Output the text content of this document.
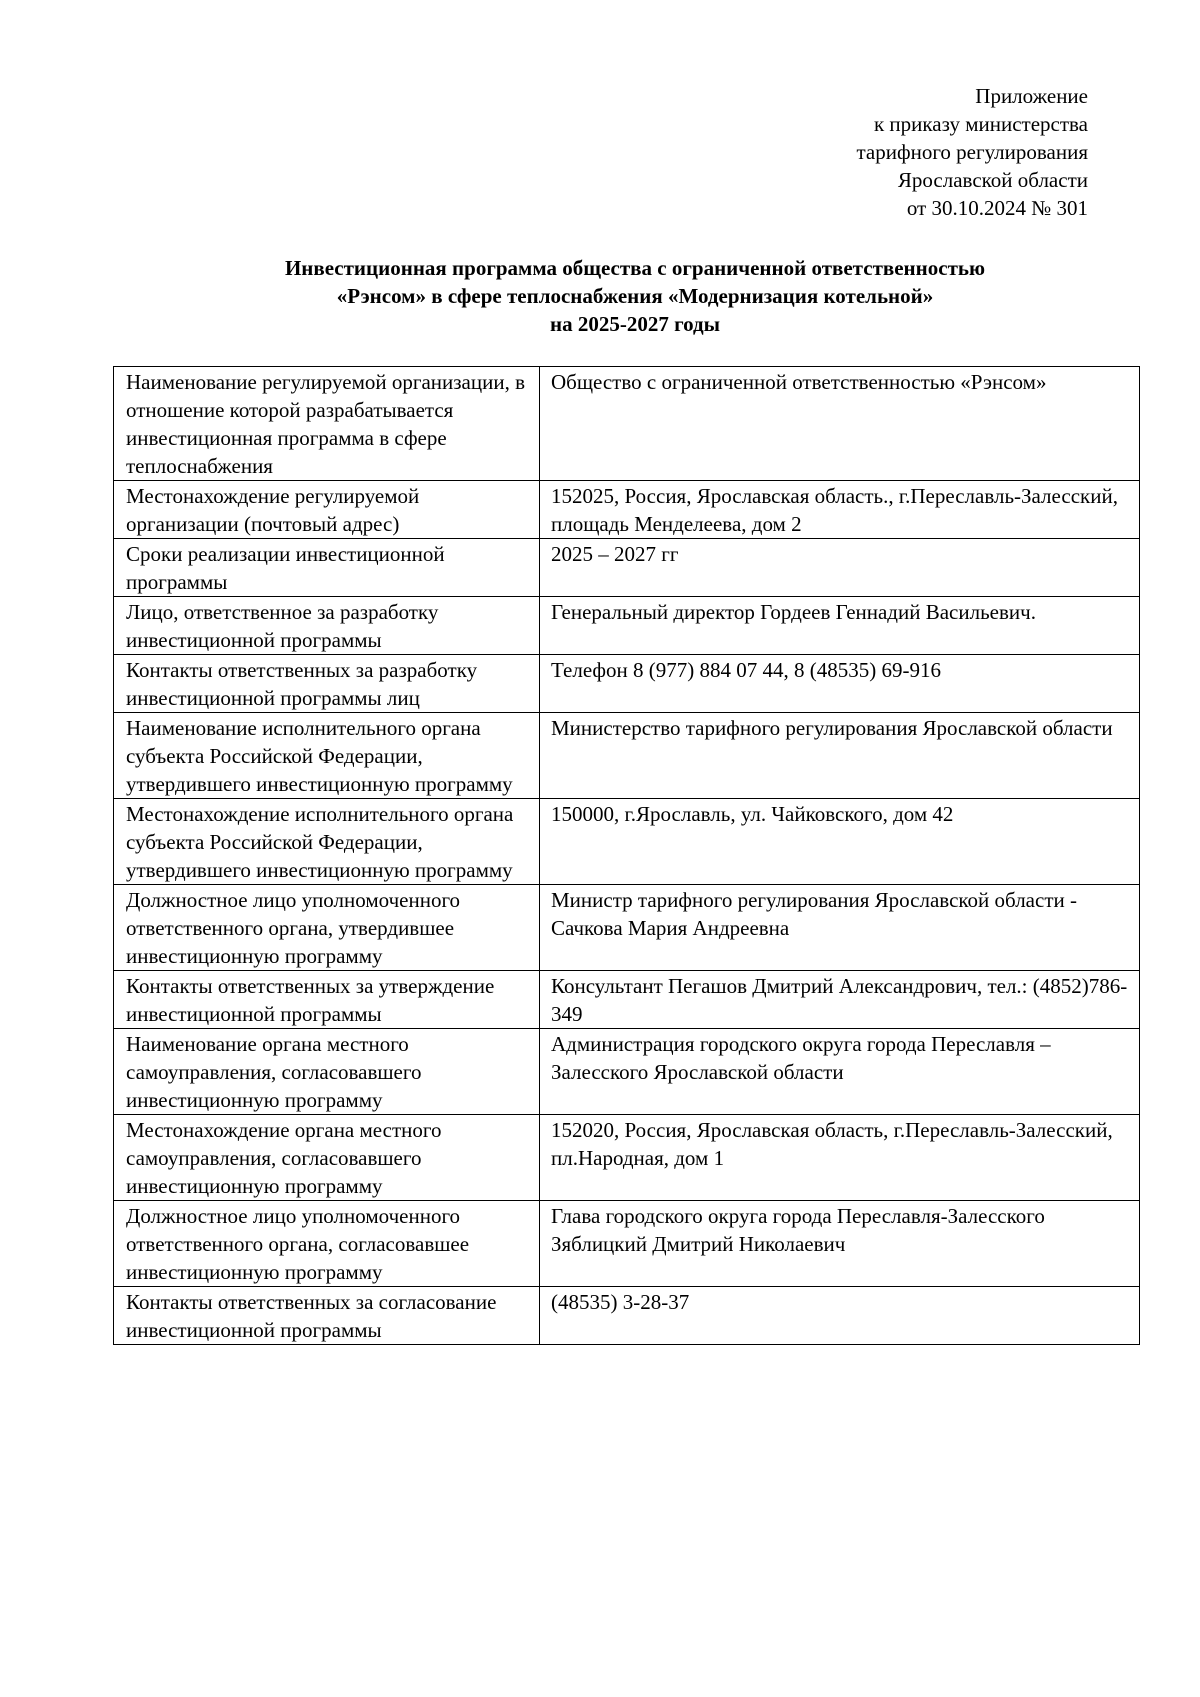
Приложение
к приказу министерства
тарифного регулирования
Ярославской области
от 30.10.2024 № 301
Инвестиционная программа общества с ограниченной ответственностью
«Рэнсом» в сфере теплоснабжения «Модернизация котельной»
на 2025-2027 годы
Наименование регулируемой организации, в отношение которой разрабатывается инвестиционная программа в сфере теплоснабжения	Общество с ограниченной ответственностью «Рэнсом»
Местонахождение регулируемой организации (почтовый адрес)	152025, Россия, Ярославская область., г.Переславль-Залесский,
площадь Менделеева, дом 2
Сроки реализации инвестиционной программы	2025 – 2027 гг
Лицо, ответственное за разработку инвестиционной программы	Генеральный директор Гордеев Геннадий Васильевич.
Контакты ответственных за разработку инвестиционной программы лиц	Телефон 8 (977) 884 07 44, 8 (48535) 69-916
Наименование исполнительного органа субъекта Российской Федерации, утвердившего инвестиционную программу	Министерство тарифного регулирования Ярославской области
Местонахождение исполнительного органа субъекта Российской Федерации, утвердившего инвестиционную программу	150000, г.Ярославль, ул. Чайковского, дом 42
Должностное лицо уполномоченного ответственного органа, утвердившее инвестиционную программу	Министр тарифного регулирования Ярославской области - Сачкова Мария Андреевна
Контакты ответственных за утверждение инвестиционной программы	Консультант Пегашов Дмитрий Александрович, тел.: (4852)786-349
Наименование органа местного самоуправления, согласовавшего инвестиционную программу	Администрация городского округа города Переславля – Залесского Ярославской области
Местонахождение органа местного самоуправления, согласовавшего инвестиционную программу	152020, Россия, Ярославская область, г.Переславль-Залесский,
пл.Народная, дом 1
Должностное лицо уполномоченного ответственного органа, согласовавшее инвестиционную программу	Глава городского округа города Переславля-Залесского Зяблицкий Дмитрий Николаевич
Контакты ответственных за согласование инвестиционной программы	(48535) 3-28-37
